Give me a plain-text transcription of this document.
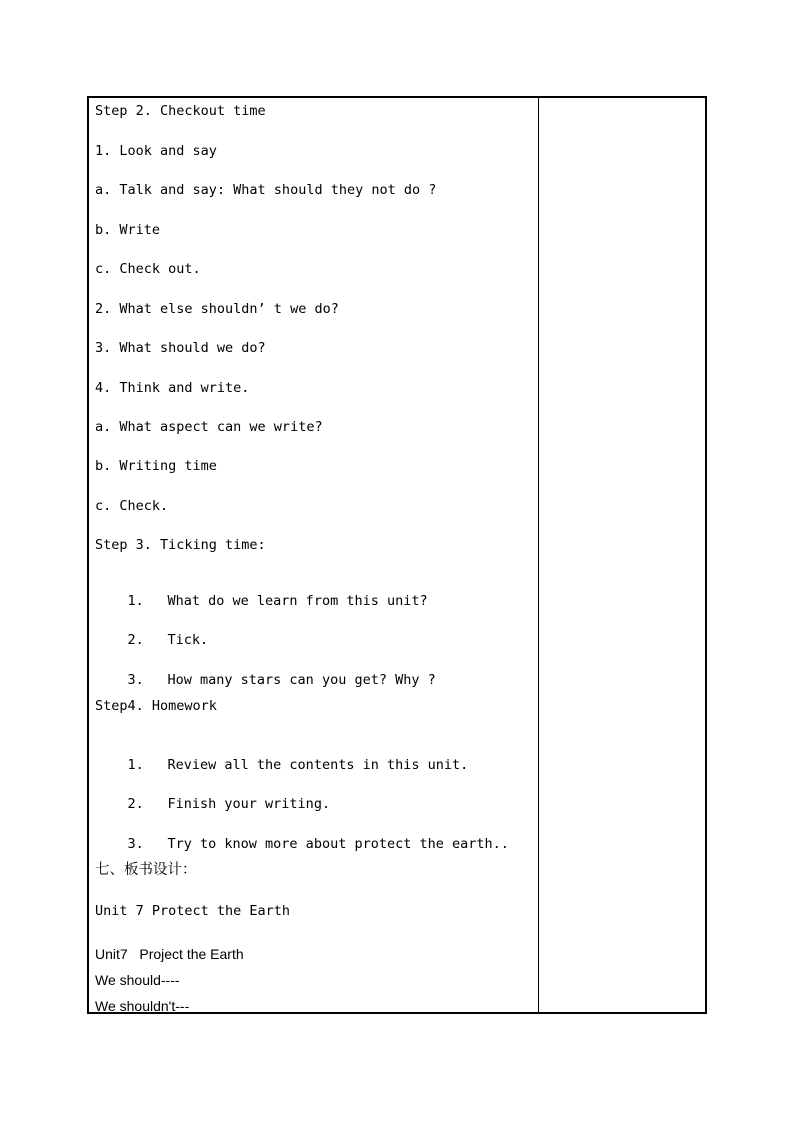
Step 2. Checkout time
1. Look and say
a. Talk and say: What should they not do ?
b. Write
c. Check out.
2. What else shouldn’ t we do?
3. What should we do?
4. Think and write.
a. What aspect can we write?
b. Writing time
c. Check.
Step 3. Ticking time:

1. What do we learn from this unit?

2. Tick.

3. How many stars can you get? Why ?

Step4. Homework

1. Review all the contents in this unit.

2. Finish your writing.

3. Try to know more about protect the earth..

七、板书设计：
Unit 7 Protect the Earth
Unit7   Project the Earth
We should----
We shouldn't---
